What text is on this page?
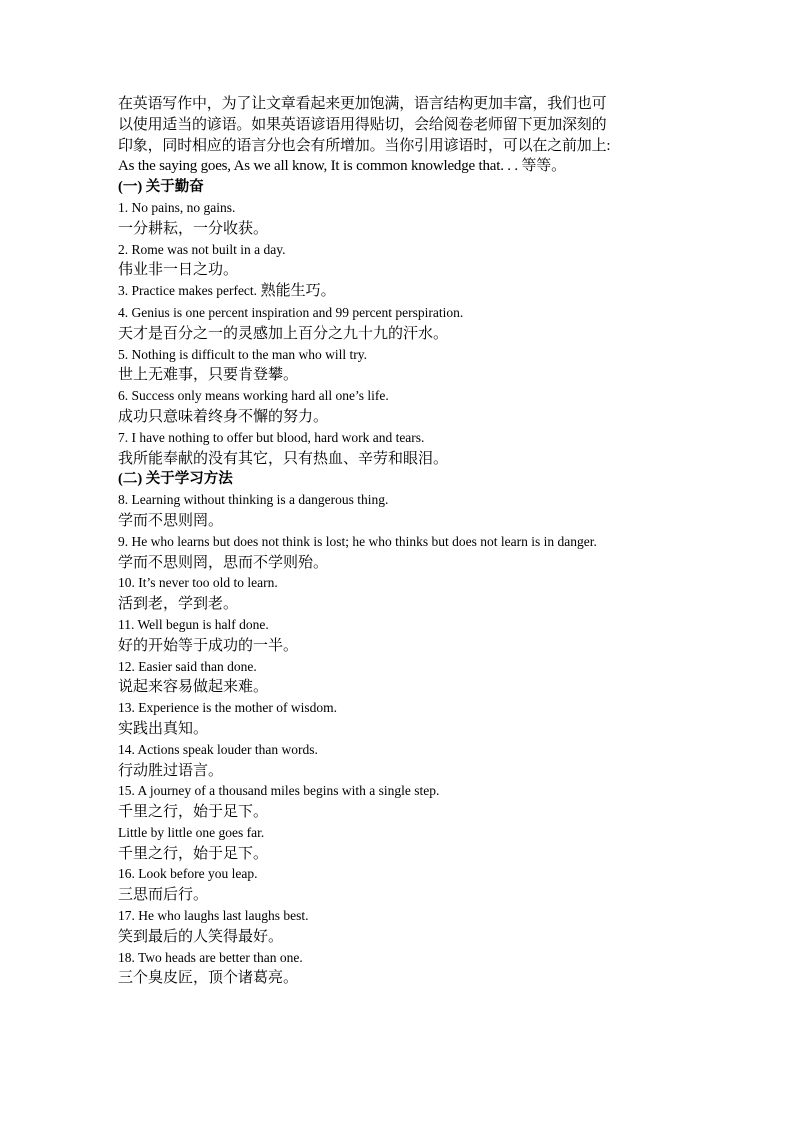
在英语写作中，为了让文章看起来更加饱满，语言结构更加丰富，我们也可

以使用适当的谚语。如果英语谚语用得贴切，会给阅卷老师留下更加深刻的

印象，同时相应的语言分也会有所增加。当你引用谚语时，可以在之前加上:

As the saying goes, As we all know, It is common knowledge that. . . 等等。

(一) 关于勤奋

1. No pains, no gains.

一分耕耘，一分收获。

2. Rome was not built in a day.

伟业非一日之功。

3. Practice makes perfect. 熟能生巧。

4. Genius is one percent inspiration and 99 percent perspiration.

天才是百分之一的灵感加上百分之九十九的汗水。

5. Nothing is difficult to the man who will try.

世上无难事，只要肯登攀。

6. Success only means working hard all one’s life.

成功只意味着终身不懈的努力。

7. I have nothing to offer but blood, hard work and tears.

我所能奉献的没有其它，只有热血、辛劳和眼泪。

(二) 关于学习方法

8. Learning without thinking is a dangerous thing.

学而不思则罔。

9. He who learns but does not think is lost; he who thinks but does not learn is in danger.

学而不思则罔，思而不学则殆。

10. It’s never too old to learn.

活到老，学到老。

11. Well begun is half done.

好的开始等于成功的一半。

12. Easier said than done.

说起来容易做起来难。

13. Experience is the mother of wisdom.

实践出真知。

14. Actions speak louder than words.

行动胜过语言。

15. A journey of a thousand miles begins with a single step.

千里之行，始于足下。

Little by little one goes far.

千里之行，始于足下。

16. Look before you leap.

三思而后行。

17. He who laughs last laughs best.

笑到最后的人笑得最好。

18. Two heads are better than one.

三个臭皮匠，顶个诸葛亮。
